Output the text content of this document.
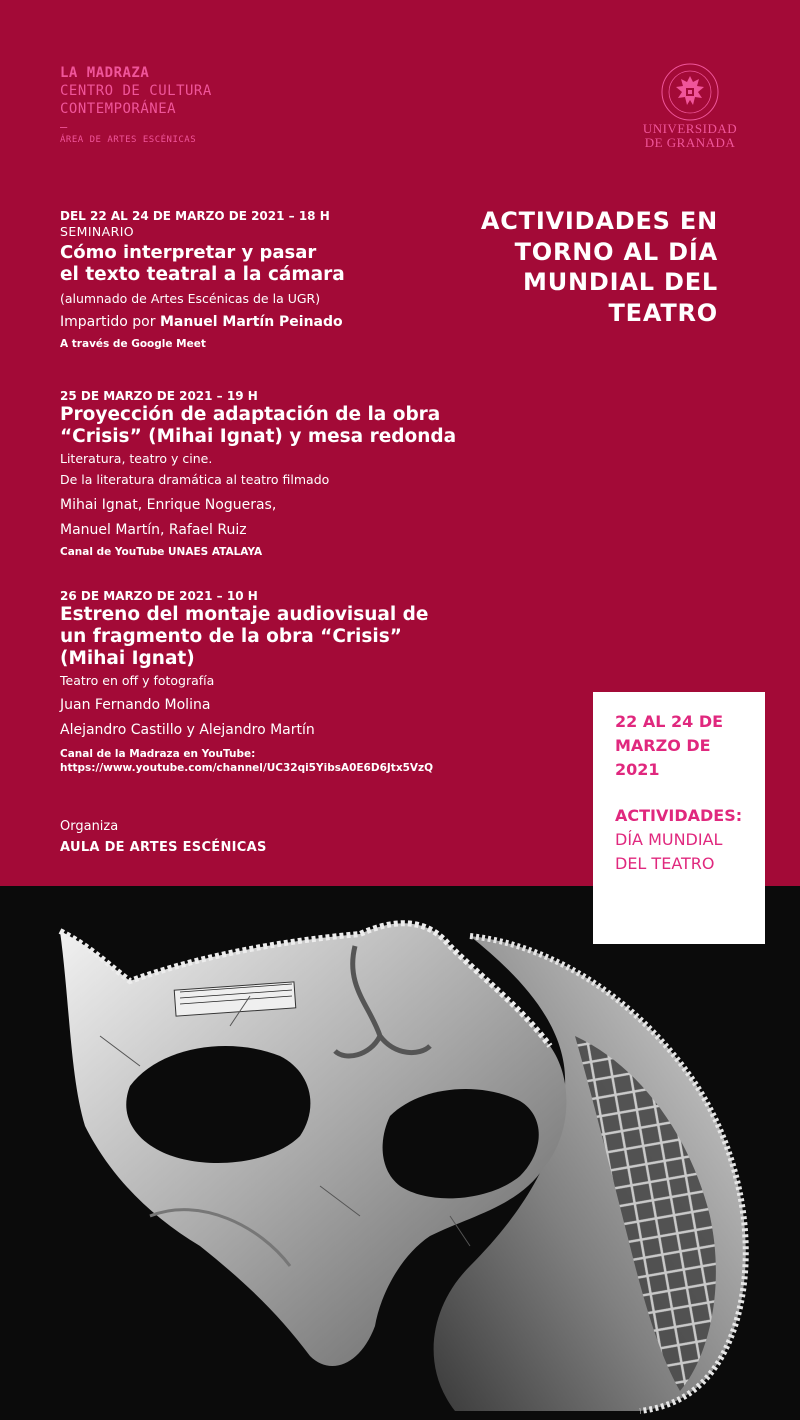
LA MADRAZA
CENTRO DE CULTURA
CONTEMPORÁNEA
–
ÁREA DE ARTES ESCÉNICAS
UNIVERSIDAD
DE GRANADA
ACTIVIDADES EN
TORNO AL DÍA
MUNDIAL DEL
TEATRO
DEL 22 AL 24 DE MARZO DE 2021 – 18 H
SEMINARIO
Cómo interpretar y pasar
el texto teatral a la cámara
(alumnado de Artes Escénicas de la UGR)
Impartido por Manuel Martín Peinado
A través de Google Meet
25 DE MARZO DE 2021 – 19 H
Proyección de adaptación de la obra
“Crisis” (Mihai Ignat) y mesa redonda
Literatura, teatro y cine.
De la literatura dramática al teatro filmado
Mihai Ignat, Enrique Nogueras,
Manuel Martín, Rafael Ruiz
Canal de YouTube UNAES ATALAYA
26 DE MARZO DE 2021 – 10 H
Estreno del montaje audiovisual de
un fragmento de la obra “Crisis”
(Mihai Ignat)
Teatro en off y fotografía
Juan Fernando Molina
Alejandro Castillo y Alejandro Martín
Canal de la Madraza en YouTube:
https://www.youtube.com/channel/UC32qi5YibsA0E6D6Jtx5VzQ
Organiza
AULA DE ARTES ESCÉNICAS
22 AL 24 DE
MARZO DE
2021
ACTIVIDADES:
DÍA MUNDIAL
DEL TEATRO
